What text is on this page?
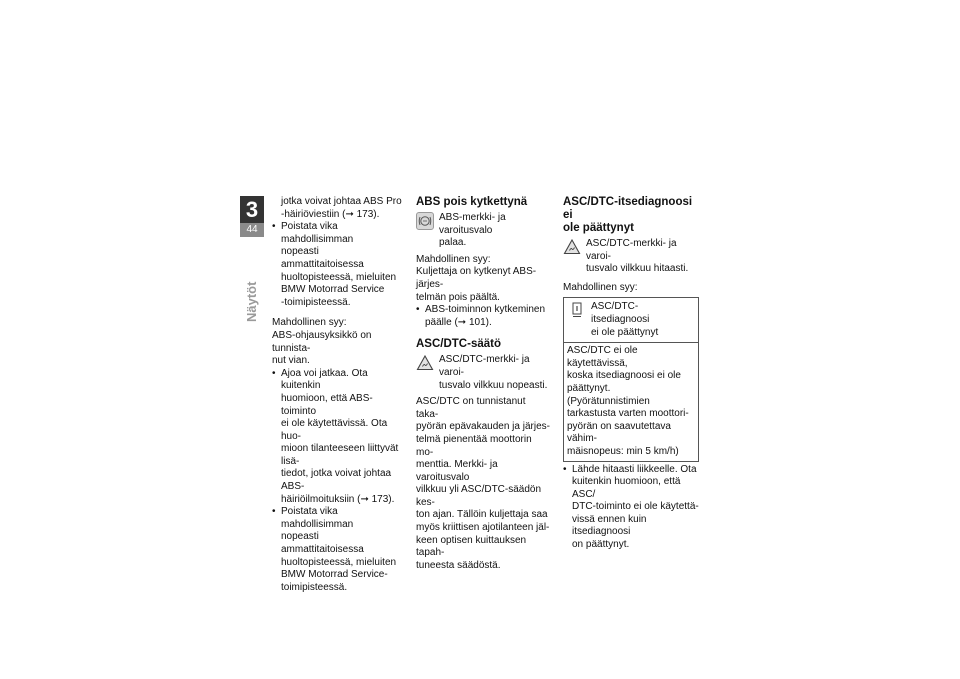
3
44
Näytöt
jotka voivat johtaa ABS Pro
-häiriöviestiin (➞ 173).
• Poistata vika mahdollisimman
nopeasti ammattitaitoisessa
huoltopisteessä, mieluiten
BMW Motorrad Service
-toimipisteessä.
Mahdollinen syy:
ABS-ohjausyksikkö on tunnista-
nut vian.
• Ajoa voi jatkaa. Ota kuitenkin
huomioon, että ABS-toiminto
ei ole käytettävissä. Ota huo-
mioon tilanteeseen liittyvät lisä-
tiedot, jotka voivat johtaa ABS-
häiriöilmoituksiin (➞ 173).
• Poistata vika mahdollisimman
nopeasti ammattitaitoisessa
huoltopisteessä, mieluiten
BMW Motorrad Service-
toimipisteessä.
ABS pois kytkettynä
ABS-merkki- ja varoitusvalo
palaa.
Mahdollinen syy:
Kuljettaja on kytkenyt ABS-järjes-
telmän pois päältä.
• ABS-toiminnon kytkeminen
päälle (➞ 101).
ASC/DTC-säätö
ASC/DTC-merkki- ja varoi-
tusvalo vilkkuu nopeasti.
ASC/DTC on tunnistanut taka-
pyörän epävakauden ja järjes-
telmä pienentää moottorin mo-
menttia. Merkki- ja varoitusvalo
vilkkuu yli ASC/DTC-säädön kes-
ton ajan. Tällöin kuljettaja saa
myös kriittisen ajotilanteen jäl-
keen optisen kuittauksen tapah-
tuneesta säädöstä.
ASC/DTC-itsediagnoosi ei
ole päättynyt
ASC/DTC-merkki- ja varoi-
tusvalo vilkkuu hitaasti.
Mahdollinen syy:
ASC/DTC-itsediagnoosi
ei ole päättynyt
ASC/DTC ei ole käytettävissä,
koska itsediagnoosi ei ole
päättynyt. (Pyörätunnistimien
tarkastusta varten moottori-
pyörän on saavutettava vähim-
mäisnopeus: min 5 km/h)
• Lähde hitaasti liikkeelle. Ota
kuitenkin huomioon, että ASC/
DTC-toiminto ei ole käytettä-
vissä ennen kuin itsediagnoosi
on päättynyt.
